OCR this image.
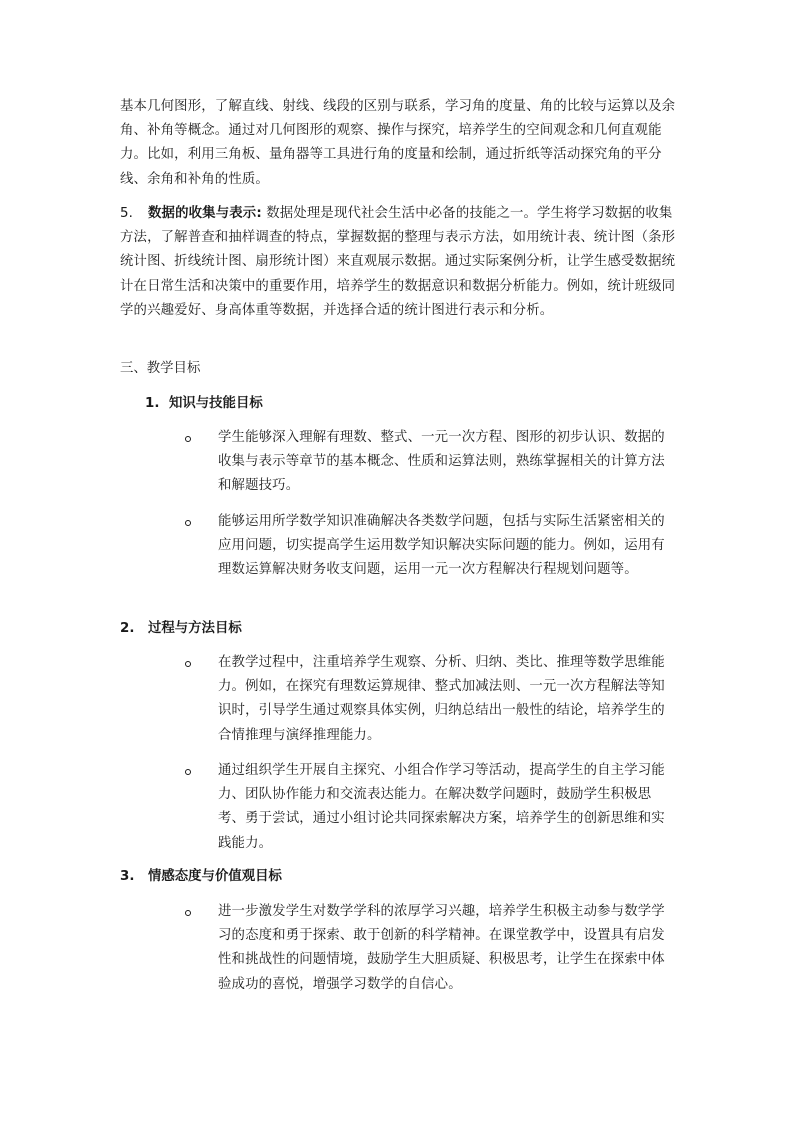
基本几何图形，了解直线、射线、线段的区别与联系，学习角的度量、角的比较与运算以及余角、补角等概念。通过对几何图形的观察、操作与探究，培养学生的空间观念和几何直观能力。比如，利用三角板、量角器等工具进行角的度量和绘制，通过折纸等活动探究角的平分线、余角和补角的性质。

5. 数据的收集与表示: 数据处理是现代社会生活中必备的技能之一。学生将学习数据的收集方法，了解普查和抽样调查的特点，掌握数据的整理与表示方法，如用统计表、统计图（条形统计图、折线统计图、扇形统计图）来直观展示数据。通过实际案例分析，让学生感受数据统计在日常生活和决策中的重要作用，培养学生的数据意识和数据分析能力。例如，统计班级同学的兴趣爱好、身高体重等数据，并选择合适的统计图进行表示和分析。

三、教学目标

1. 知识与技能目标

学生能够深入理解有理数、整式、一元一次方程、图形的初步认识、数据的收集与表示等章节的基本概念、性质和运算法则，熟练掌握相关的计算方法和解题技巧。

能够运用所学数学知识准确解决各类数学问题，包括与实际生活紧密相关的应用问题，切实提高学生运用数学知识解决实际问题的能力。例如，运用有理数运算解决财务收支问题，运用一元一次方程解决行程规划问题等。

2. 过程与方法目标

在教学过程中，注重培养学生观察、分析、归纳、类比、推理等数学思维能力。例如，在探究有理数运算规律、整式加减法则、一元一次方程解法等知识时，引导学生通过观察具体实例，归纳总结出一般性的结论，培养学生的合情推理与演绎推理能力。

通过组织学生开展自主探究、小组合作学习等活动，提高学生的自主学习能力、团队协作能力和交流表达能力。在解决数学问题时，鼓励学生积极思考、勇于尝试，通过小组讨论共同探索解决方案，培养学生的创新思维和实践能力。

3. 情感态度与价值观目标

进一步激发学生对数学学科的浓厚学习兴趣，培养学生积极主动参与数学学习的态度和勇于探索、敢于创新的科学精神。在课堂教学中，设置具有启发性和挑战性的问题情境，鼓励学生大胆质疑、积极思考，让学生在探索中体验成功的喜悦，增强学习数学的自信心。
